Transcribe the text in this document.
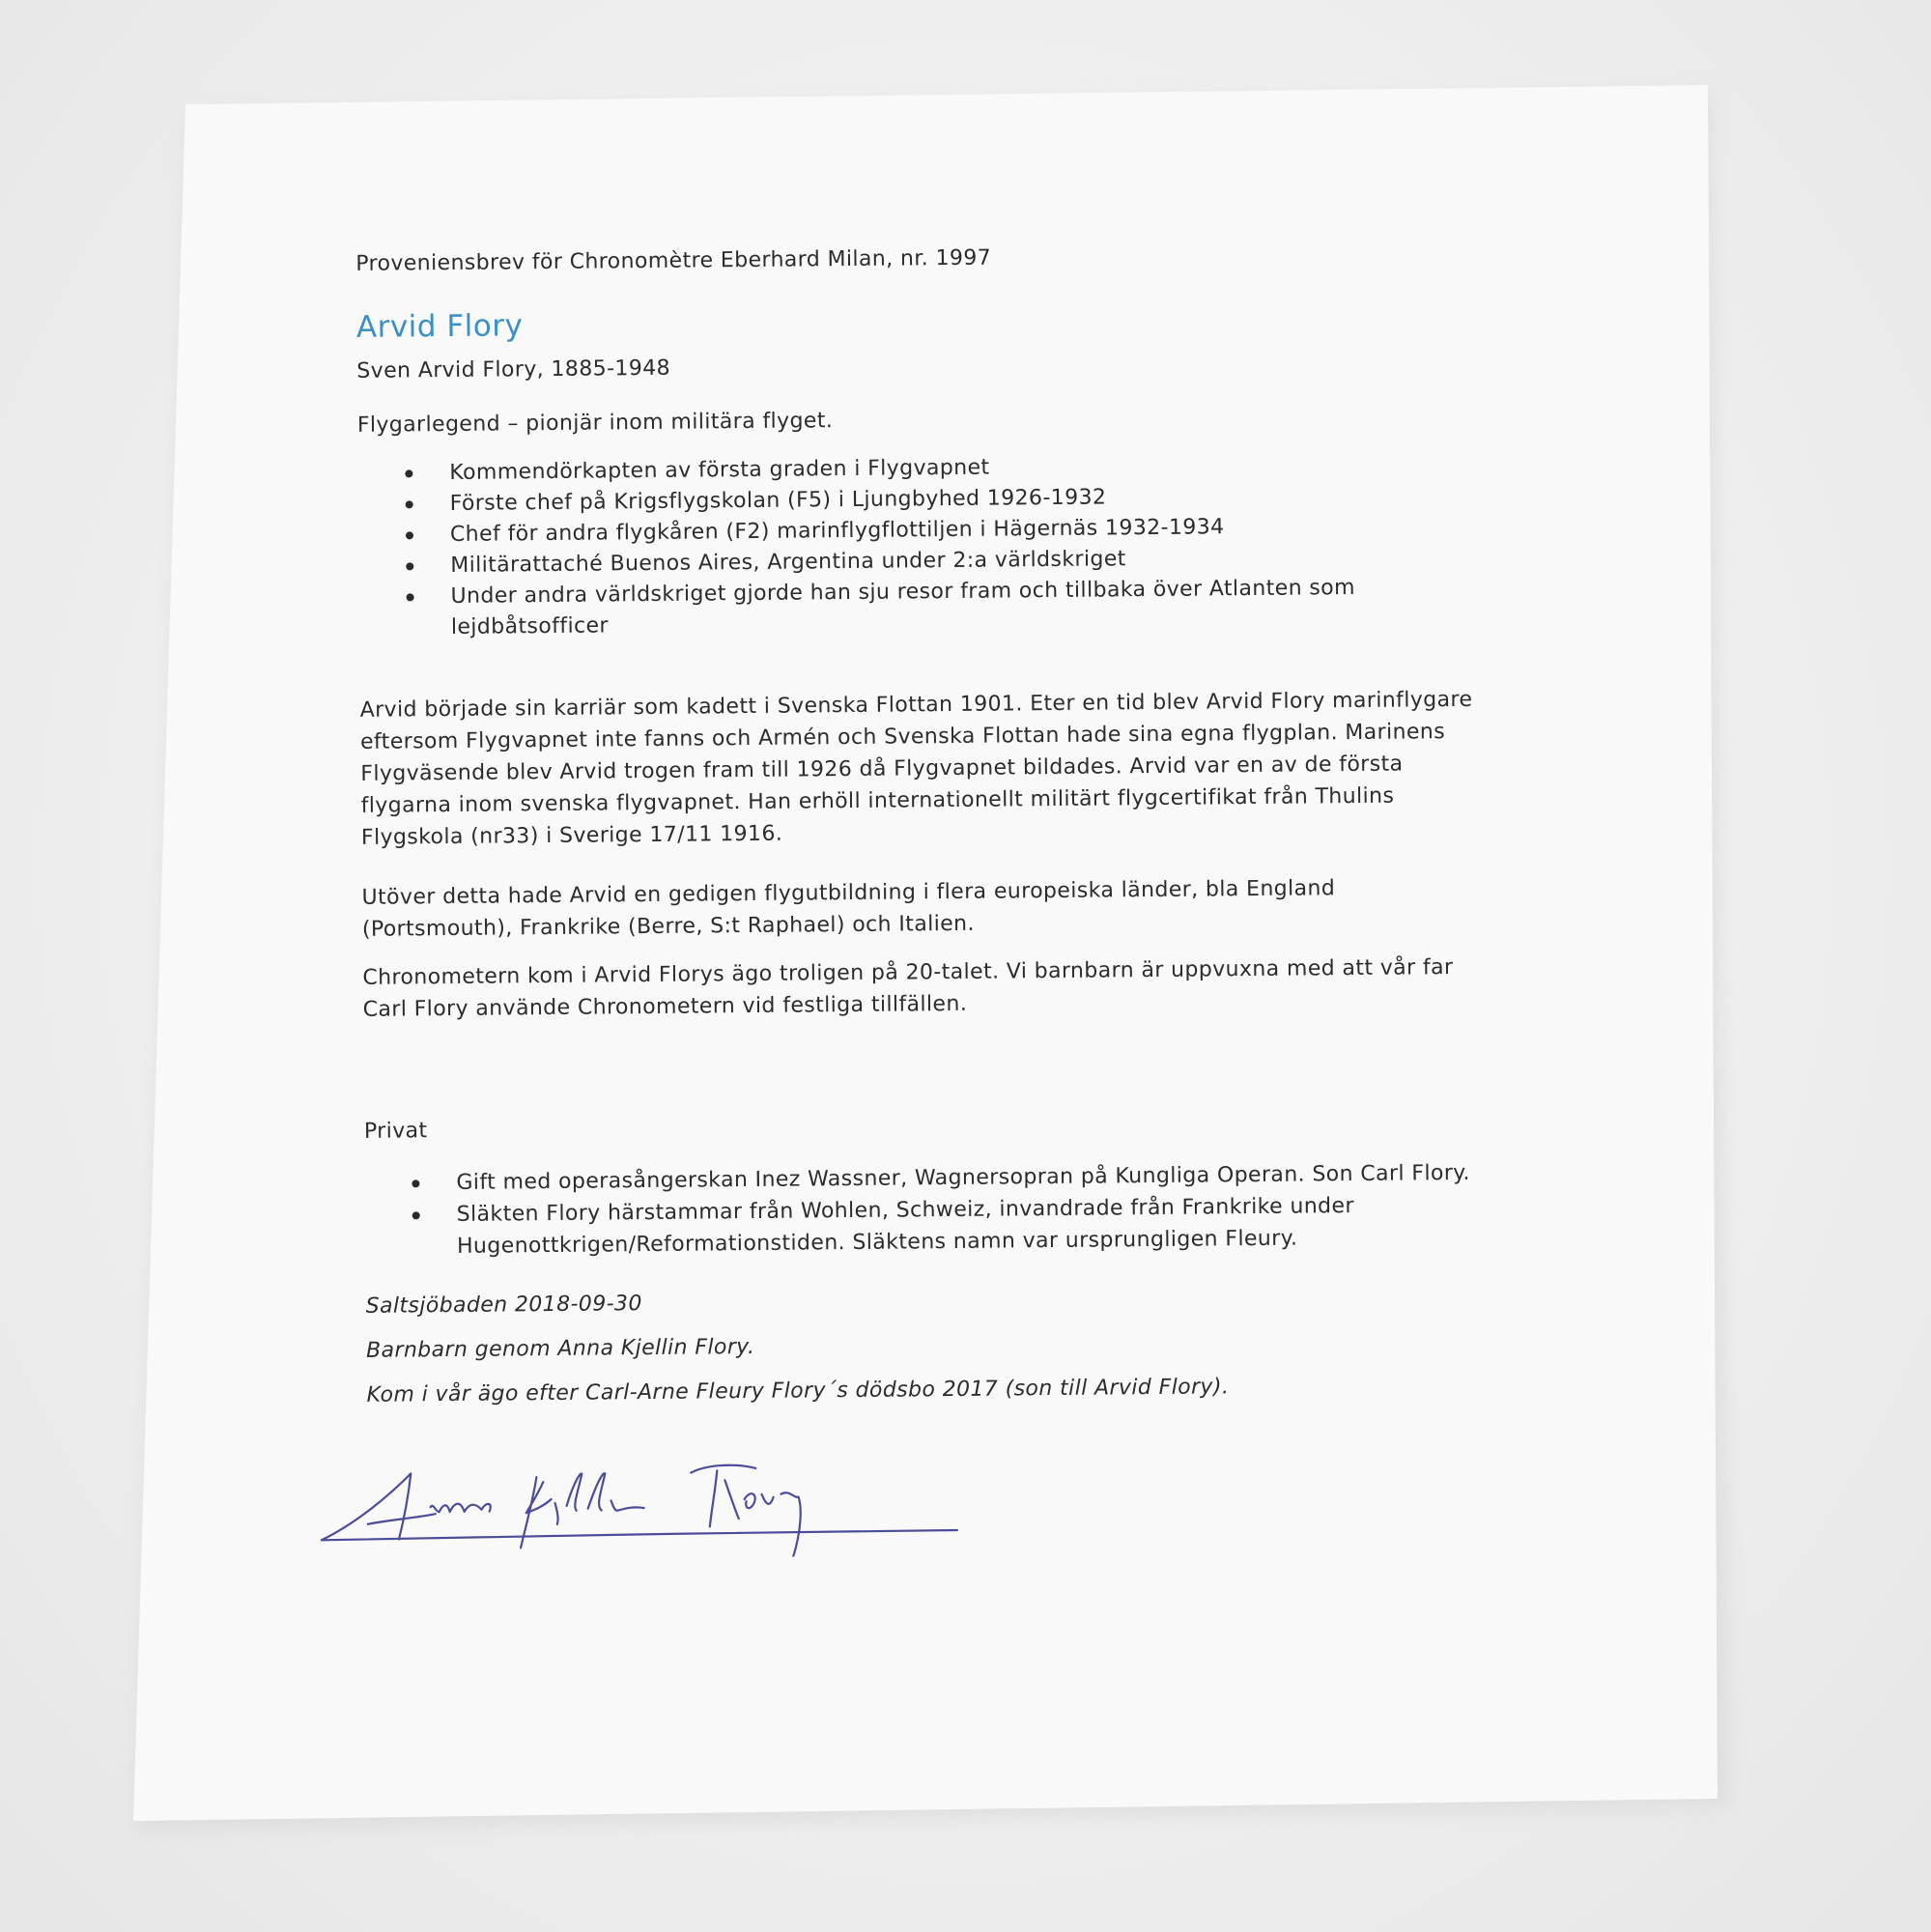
Proveniensbrev för Chronomètre Eberhard Milan, nr. 1997
Arvid Flory
Sven Arvid Flory, 1885-1948
Flygarlegend – pionjär inom militära flyget.
Kommendörkapten av första graden i Flygvapnet
Förste chef på Krigsflygskolan (F5) i Ljungbyhed 1926-1932
Chef för andra flygkåren (F2) marinflygflottiljen i Hägernäs 1932-1934
Militärattaché Buenos Aires, Argentina under 2:a världskriget
Under andra världskriget gjorde han sju resor fram och tillbaka över Atlanten som
lejdbåtsofficer
Arvid började sin karriär som kadett i Svenska Flottan 1901. Eter en tid blev Arvid Flory marinflygare
eftersom Flygvapnet inte fanns och Armén och Svenska Flottan hade sina egna flygplan. Marinens
Flygväsende blev Arvid trogen fram till 1926 då Flygvapnet bildades. Arvid var en av de första
flygarna inom svenska flygvapnet. Han erhöll internationellt militärt flygcertifikat från Thulins
Flygskola (nr33) i Sverige 17/11 1916.
Utöver detta hade Arvid en gedigen flygutbildning i flera europeiska länder, bla England
(Portsmouth), Frankrike (Berre, S:t Raphael) och Italien.
Chronometern kom i Arvid Florys ägo troligen på 20-talet. Vi barnbarn är uppvuxna med att vår far
Carl Flory använde Chronometern vid festliga tillfällen.
Privat
Gift med operasångerskan Inez Wassner, Wagnersopran på Kungliga Operan. Son Carl Flory.
Släkten Flory härstammar från Wohlen, Schweiz, invandrade från Frankrike under
Hugenottkrigen/Reformationstiden. Släktens namn var ursprungligen Fleury.
Saltsjöbaden 2018-09-30
Barnbarn genom Anna Kjellin Flory.
Kom i vår ägo efter Carl-Arne Fleury Flory´s dödsbo 2017 (son till Arvid Flory).
